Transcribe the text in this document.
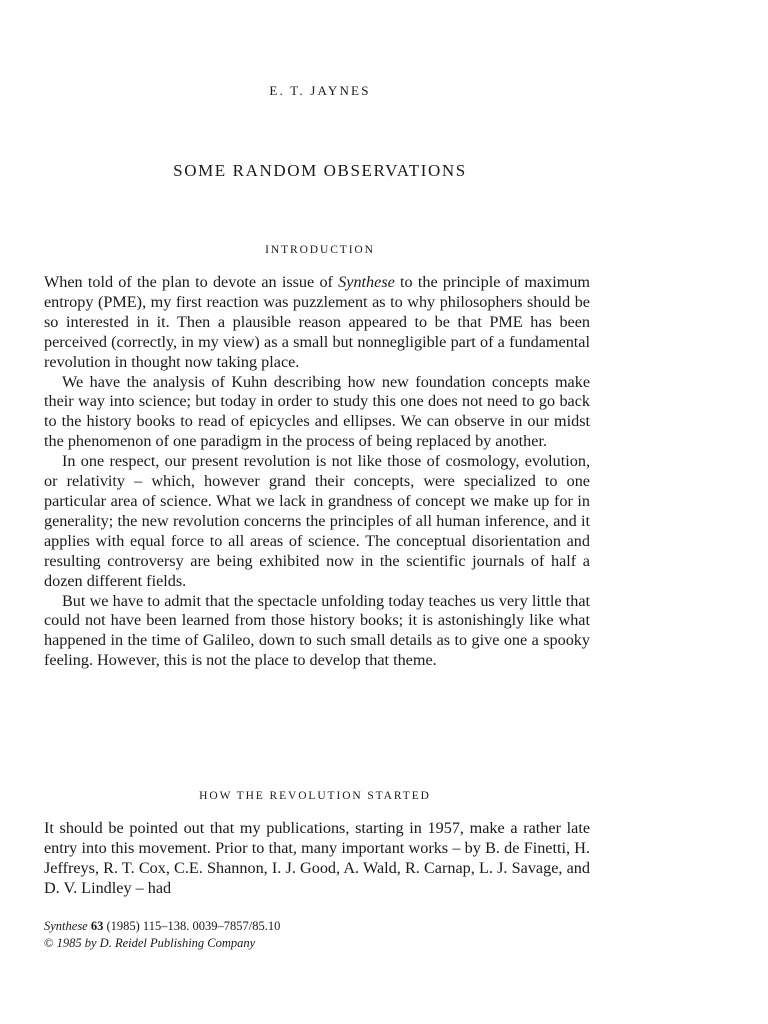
E. T. JAYNES
SOME RANDOM OBSERVATIONS
INTRODUCTION

When told of the plan to devote an issue of Synthese to the principle of maximum entropy (PME), my first reaction was puzzlement as to why philosophers should be so interested in it. Then a plausible reason appeared to be that PME has been perceived (correctly, in my view) as a small but nonnegligible part of a fundamental revolution in thought now taking place.

We have the analysis of Kuhn describing how new foundation concepts make their way into science; but today in order to study this one does not need to go back to the history books to read of epicycles and ellipses. We can observe in our midst the phenomenon of one paradigm in the process of being replaced by another.

In one respect, our present revolution is not like those of cosmology, evolution, or relativity – which, however grand their concepts, were specialized to one particular area of science. What we lack in grandness of concept we make up for in generality; the new revolution concerns the principles of all human inference, and it applies with equal force to all areas of science. The conceptual disorientation and resulting controversy are being exhibited now in the scientific journals of half a dozen different fields.

But we have to admit that the spectacle unfolding today teaches us very little that could not have been learned from those history books; it is astonishingly like what happened in the time of Galileo, down to such small details as to give one a spooky feeling. However, this is not the place to develop that theme.

HOW THE REVOLUTION STARTED

It should be pointed out that my publications, starting in 1957, make a rather late entry into this movement. Prior to that, many important works – by B. de Finetti, H. Jeffreys, R. T. Cox, C.E. Shannon, I. J. Good, A. Wald, R. Carnap, L. J. Savage, and D. V. Lindley – had

Synthese 63 (1985) 115–138. 0039–7857/85.10
© 1985 by D. Reidel Publishing Company
